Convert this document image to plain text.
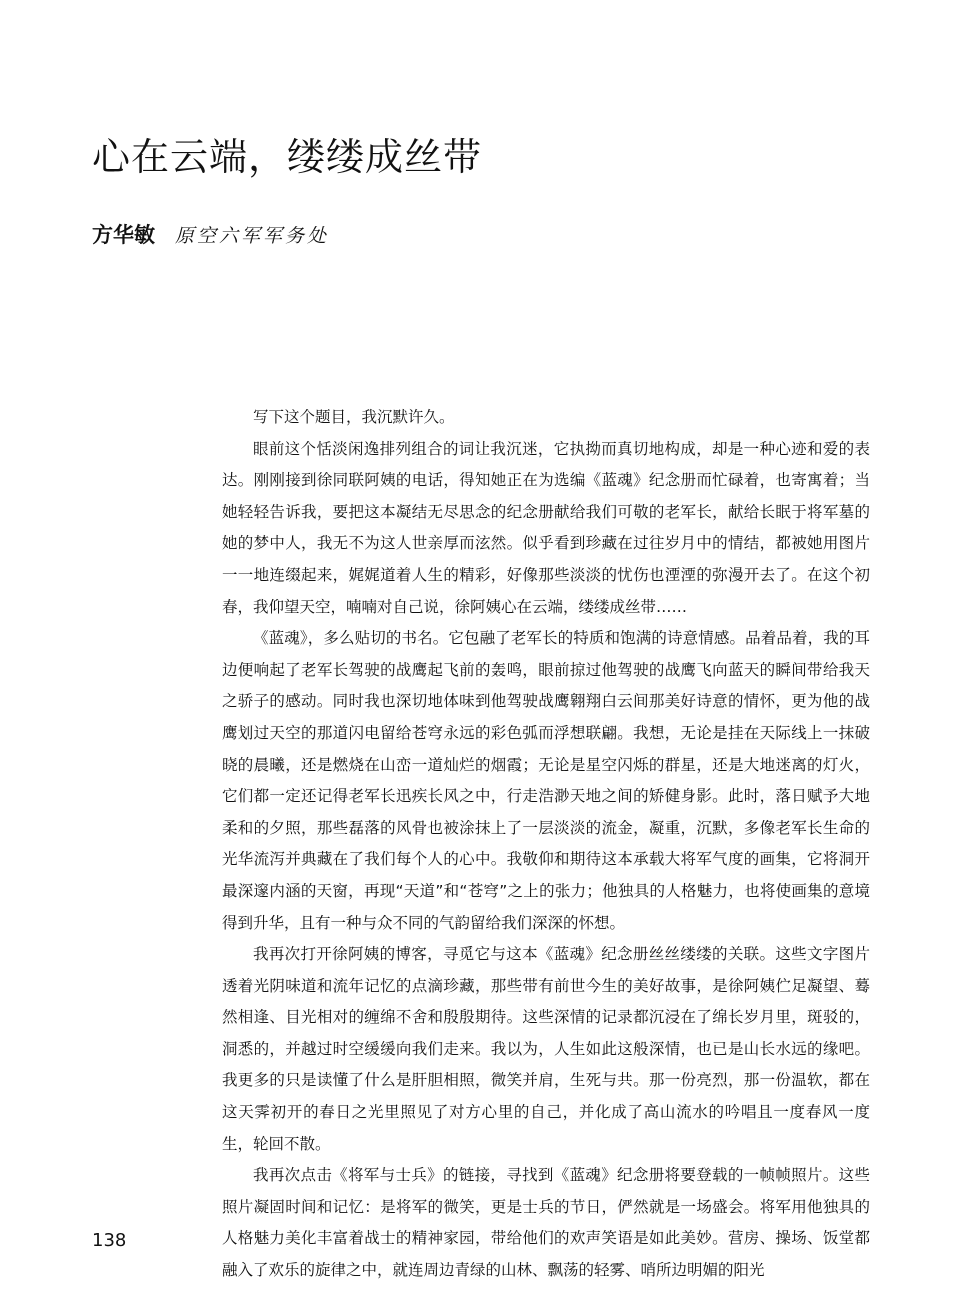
心在云端，缕缕成丝带
方华敏 原空六军军务处

写下这个题目，我沉默许久。

眼前这个恬淡闲逸排列组合的词让我沉迷，它执拗而真切地构成，却是一种心迹和爱的表达。刚刚接到徐同联阿姨的电话，得知她正在为选编《蓝魂》纪念册而忙碌着，也寄寓着；当她轻轻告诉我，要把这本凝结无尽思念的纪念册献给我们可敬的老军长，献给长眠于将军墓的她的梦中人，我无不为这人世亲厚而泫然。似乎看到珍藏在过往岁月中的情结，都被她用图片一一地连缀起来，娓娓道着人生的精彩，好像那些淡淡的忧伤也湮湮的弥漫开去了。在这个初春，我仰望天空，喃喃对自己说，徐阿姨心在云端，缕缕成丝带……

《蓝魂》，多么贴切的书名。它包融了老军长的特质和饱满的诗意情感。品着品着，我的耳边便响起了老军长驾驶的战鹰起飞前的轰鸣，眼前掠过他驾驶的战鹰飞向蓝天的瞬间带给我天之骄子的感动。同时我也深切地体味到他驾驶战鹰翱翔白云间那美好诗意的情怀，更为他的战鹰划过天空的那道闪电留给苍穹永远的彩色弧而浮想联翩。我想，无论是挂在天际线上一抹破晓的晨曦，还是燃烧在山峦一道灿烂的烟霞；无论是星空闪烁的群星，还是大地迷离的灯火，它们都一定还记得老军长迅疾长风之中，行走浩渺天地之间的矫健身影。此时，落日赋予大地柔和的夕照，那些磊落的风骨也被涂抹上了一层淡淡的流金，凝重，沉默，多像老军长生命的光华流泻并典藏在了我们每个人的心中。我敬仰和期待这本承载大将军气度的画集，它将洞开最深邃内涵的天窗，再现“天道”和“苍穹”之上的张力；他独具的人格魅力，也将使画集的意境得到升华，且有一种与众不同的气韵留给我们深深的怀想。

我再次打开徐阿姨的博客，寻觅它与这本《蓝魂》纪念册丝丝缕缕的关联。这些文字图片透着光阴味道和流年记忆的点滴珍藏，那些带有前世今生的美好故事，是徐阿姨伫足凝望、蓦然相逢、目光相对的缠绵不舍和殷殷期待。这些深情的记录都沉浸在了绵长岁月里，斑驳的，洞悉的，并越过时空缓缓向我们走来。我以为，人生如此这般深情，也已是山长水远的缘吧。我更多的只是读懂了什么是肝胆相照，微笑并肩，生死与共。那一份亮烈，那一份温软，都在这天霁初开的春日之光里照见了对方心里的自己，并化成了高山流水的吟唱且一度春风一度生，轮回不散。

我再次点击《将军与士兵》的链接，寻找到《蓝魂》纪念册将要登载的一帧帧照片。这些照片凝固时间和记忆：是将军的微笑，更是士兵的节日，俨然就是一场盛会。将军用他独具的人格魅力美化丰富着战士的精神家园，带给他们的欢声笑语是如此美妙。营房、操场、饭堂都融入了欢乐的旋律之中，就连周边青绿的山林、飘荡的轻雾、哨所边明媚的阳光

138
